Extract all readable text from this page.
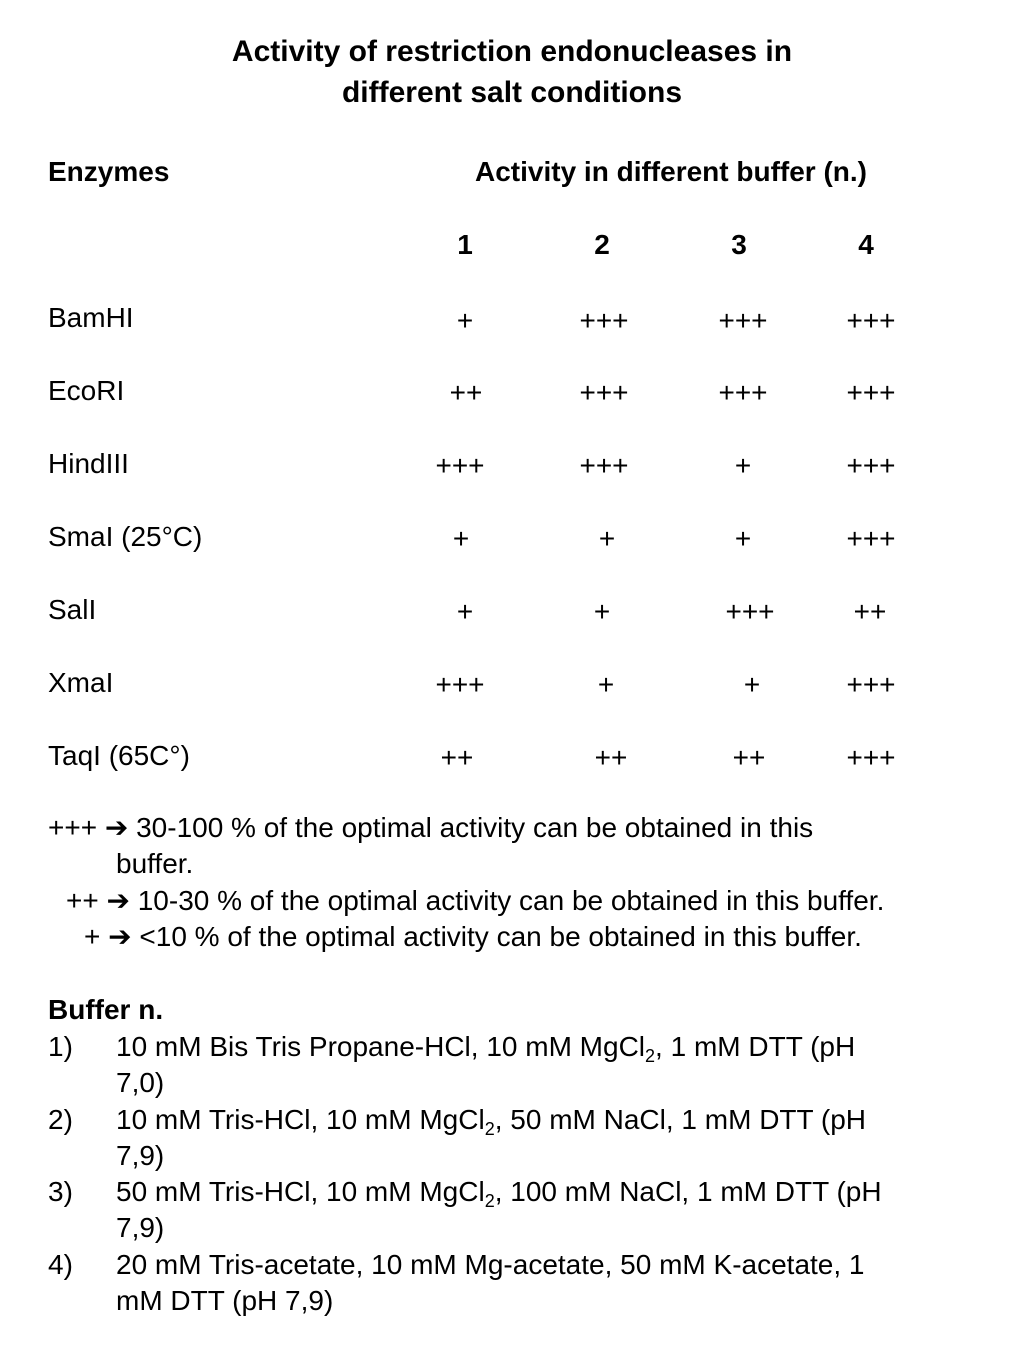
Activity of restriction endonucleases in
different salt conditions
Enzymes	Activity in different buffer (n.)
1	2	3	4
BamHI	+	+++	+++	+++
EcoRI	++	+++	+++	+++
HindIII	+++	+++	+	+++
SmaI (25°C)	+	+	+	+++
SalI	+	+	+++	++
XmaI	+++	+	+	+++
TaqI (65C°)	++	++	++	+++
+++ ➔ 30-100 % of the optimal activity can be obtained in this
buffer.
++ ➔ 10-30 % of the optimal activity can be obtained in this buffer.
+ ➔ <10 % of the optimal activity can be obtained in this buffer.
Buffer n.
1) 10 mM Bis Tris Propane-HCl, 10 mM MgCl$_2$, 1 mM DTT (pH
7,0)
2) 10 mM Tris-HCl, 10 mM MgCl$_2$, 50 mM NaCl, 1 mM DTT (pH
7,9)
3) 50 mM Tris-HCl, 10 mM MgCl$_2$, 100 mM NaCl, 1 mM DTT (pH
7,9)
4) 20 mM Tris-acetate, 10 mM Mg-acetate, 50 mM K-acetate, 1
mM DTT (pH 7,9)
